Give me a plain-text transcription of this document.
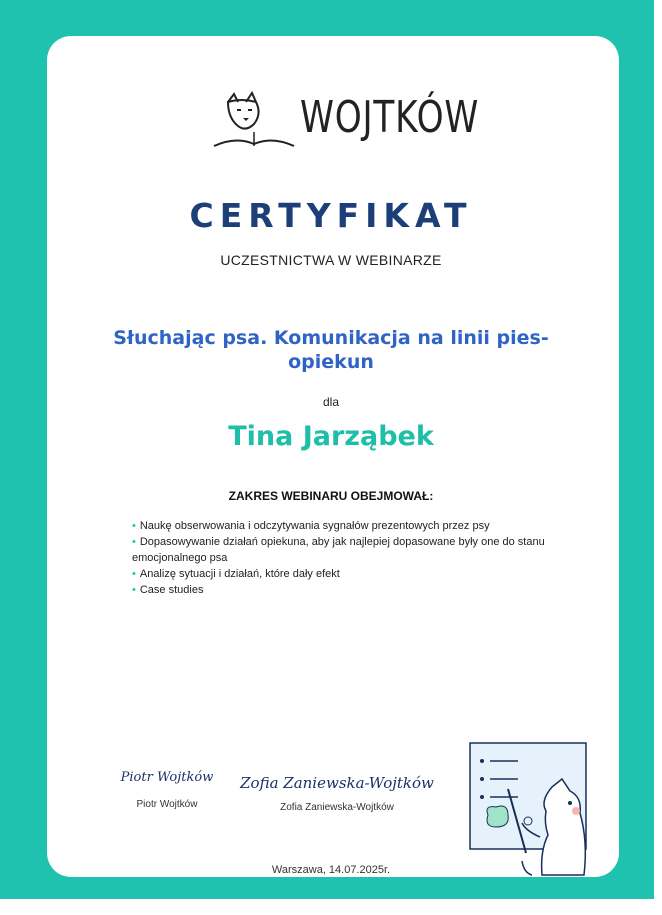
WOJTKÓW
CERTYFIKAT
UCZESTNICTWA W WEBINARZE
Słuchając psa. Komunikacja na linii pies-
opiekun
dla
Tina Jarząbek
ZAKRES WEBINARU OBEJMOWAŁ:
• Naukę obserwowania i odczytywania sygnałów prezentowych przez psy
• Dopasowywanie działań opiekuna, aby jak najlepiej dopasowane były one do stanu emocjonalnego psa
• Analizę sytuacji i działań, które dały efekt
• Case studies
Piotr Wojtków
Piotr Wojtków
Zofia Zaniewska-Wojtków
Zofia Zaniewska-Wojtków
Warszawa, 14.07.2025r.
